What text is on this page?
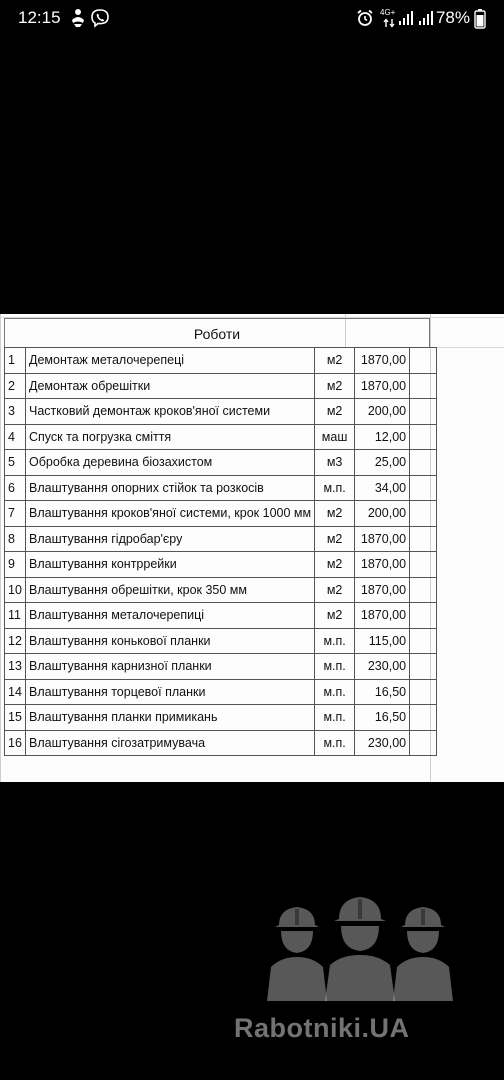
12:15	4G+ 78%
Роботи
1	Демонтаж металочерепеці	м2	1870,00	
2	Демонтаж обрешітки	м2	1870,00	
3	Частковий демонтаж кроков'яної системи	м2	200,00	
4	Спуск та погрузка сміття	маш	12,00	
5	Обробка деревина біозахистом	м3	25,00	
6	Влаштування опорних стійок та розкосів	м.п.	34,00	
7	Влаштування кроков'яної системи, крок 1000 мм	м2	200,00	
8	Влаштування гідробар'єру	м2	1870,00	
9	Влаштування контррейки	м2	1870,00	
10	Влаштування обрешітки, крок 350 мм	м2	1870,00	
11	Влаштування металочерепиці	м2	1870,00	
12	Влаштування конькової планки	м.п.	115,00	
13	Влаштування карнизної планки	м.п.	230,00	
14	Влаштування торцевої планки	м.п.	16,50	
15	Влаштування планки примикань	м.п.	16,50	
16	Влаштування сігозатримувача	м.п.	230,00	
Rabotniki.UA
